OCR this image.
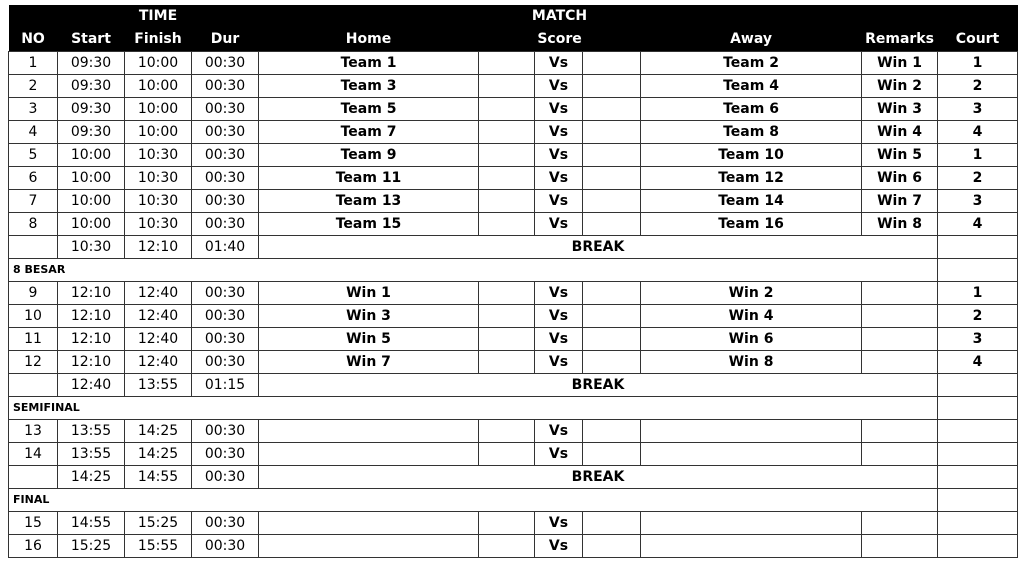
	TIME				MATCH					
NO	Start	Finish	Dur	Home	Score			Away	Remarks	Court
1	09:30	10:00	00:30	Team 1		Vs		Team 2	Win 1	1
2	09:30	10:00	00:30	Team 3		Vs		Team 4	Win 2	2
3	09:30	10:00	00:30	Team 5		Vs		Team 6	Win 3	3
4	09:30	10:00	00:30	Team 7		Vs		Team 8	Win 4	4
5	10:00	10:30	00:30	Team 9		Vs		Team 10	Win 5	1
6	10:00	10:30	00:30	Team 11		Vs		Team 12	Win 6	2
7	10:00	10:30	00:30	Team 13		Vs		Team 14	Win 7	3
8	10:00	10:30	00:30	Team 15		Vs		Team 16	Win 8	4
	10:30	12:10	01:40	BREAK						
8 BESAR										
9	12:10	12:40	00:30	Win 1		Vs		Win 2		1
10	12:10	12:40	00:30	Win 3		Vs		Win 4		2
11	12:10	12:40	00:30	Win 5		Vs		Win 6		3
12	12:10	12:40	00:30	Win 7		Vs		Win 8		4
	12:40	13:55	01:15	BREAK						
SEMIFINAL										
13	13:55	14:25	00:30			Vs				
14	13:55	14:25	00:30			Vs				
	14:25	14:55	00:30	BREAK						
FINAL										
15	14:55	15:25	00:30			Vs				
16	15:25	15:55	00:30			Vs				
